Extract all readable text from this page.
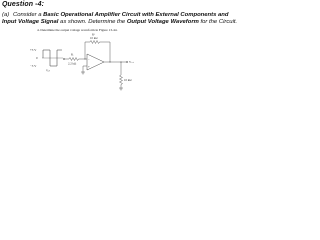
Question -4:
(a) Consider a Basic Operational Amplifier Circuit with External Components and
Input Voltage Signal as shown. Determine the Output Voltage Waveform for the Circuit.
4. Determine the output voltage waveform in Figure 13-44.
+3 V
0
−3 V
Vᵢₙ
Rᵢ
2.2 kΩ
Rᶠ
10 kΩ
−
+
Vₒᵤₜ
10 kΩ
